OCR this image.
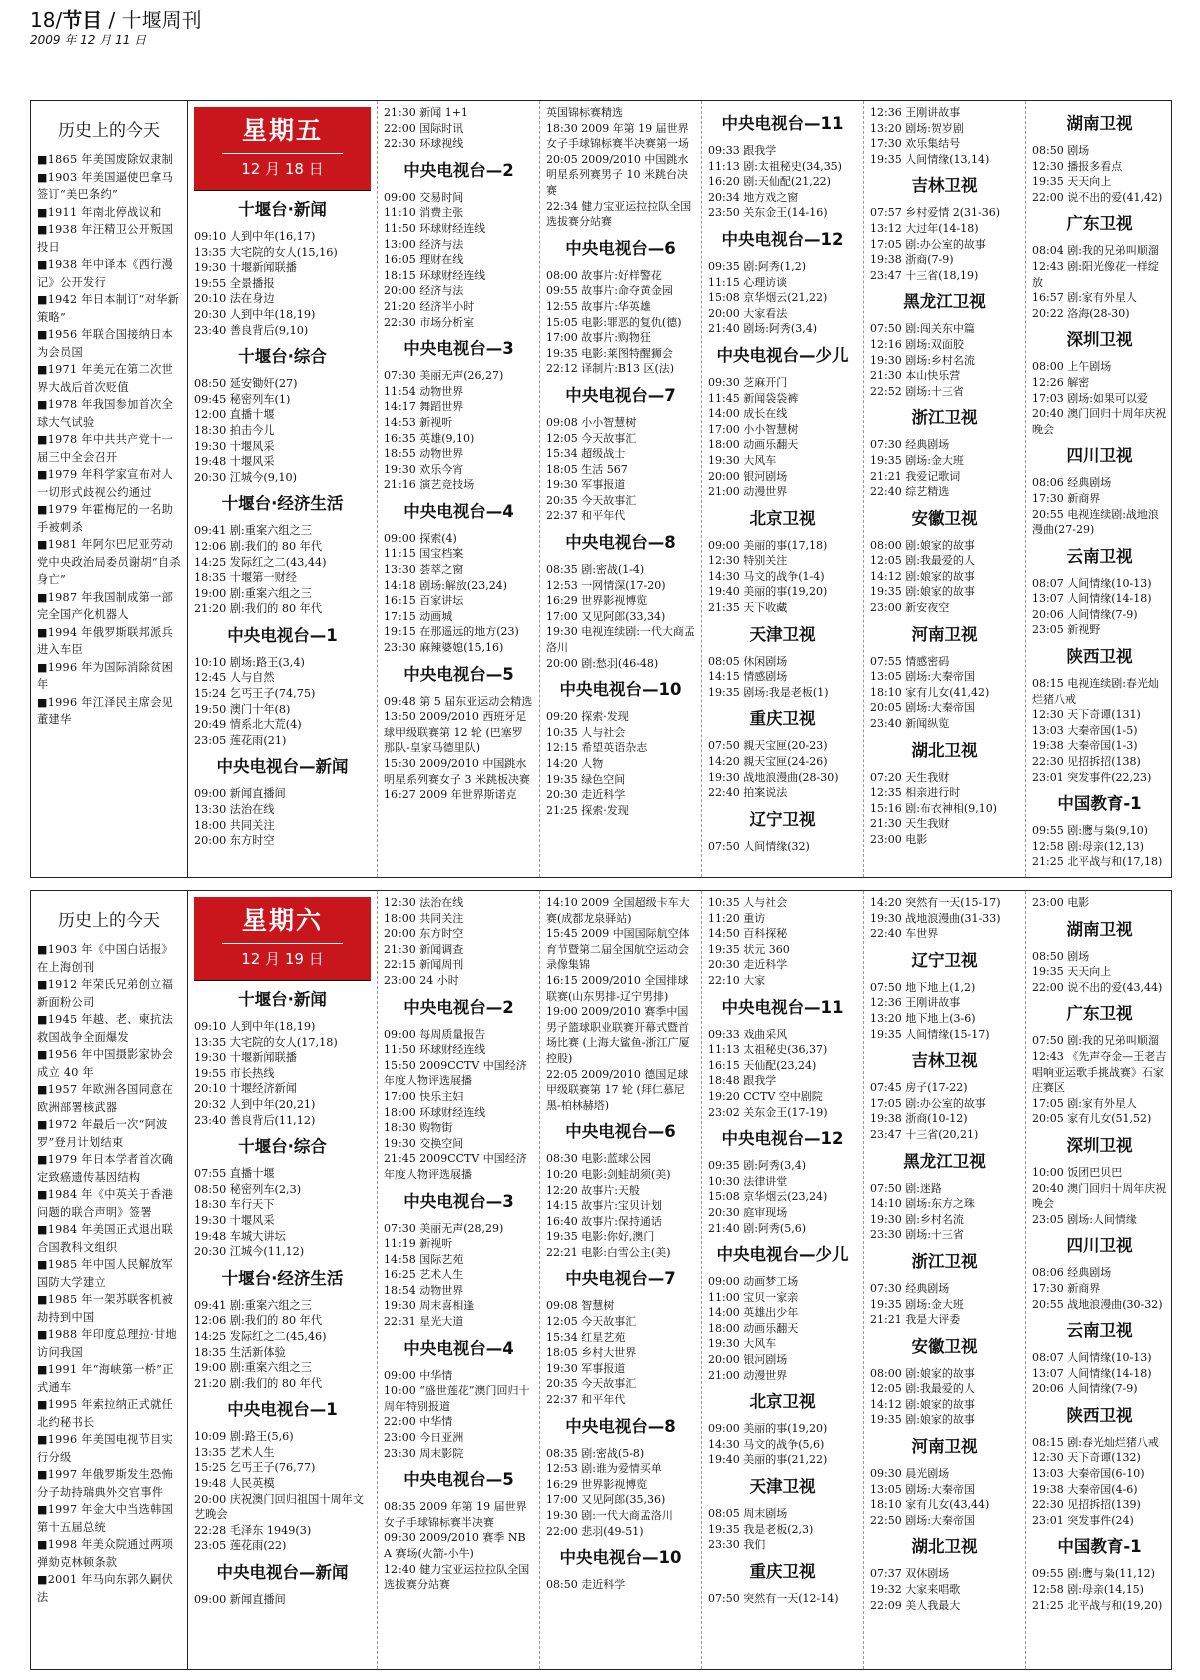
18/节目 / 十堰周刊
2009 年 12 月 11 日
历史上的今天
■1865 年美国废除奴隶制
■1903 年美国逼使巴拿马签订“美巴条约”
■1911 年南北停战议和
■1938 年汪精卫公开叛国投日
■1938 年中译本《西行漫记》公开发行
■1942 年日本制订“对华新策略”
■1956 年联合国接纳日本为会员国
■1971 年美元在第二次世界大战后首次贬值
■1978 年我国参加首次全球大气试验
■1978 年中共共产党十一届三中全会召开
■1979 年科学家宣布对人一切形式歧视公约通过
■1979 年霍梅尼的一名助手被刺杀
■1981 年阿尔巴尼亚劳动党中央政治局委员谢胡“自杀身亡”
■1987 年我国制成第一部完全国产化机器人
■1994 年俄罗斯联邦派兵进入车臣
■1996 年为国际消除贫困年
■1996 年江泽民主席会见董建华
星期五
12 月 18 日
十堰台·新闻
09:10 人到中年(16,17)
13:35 大宅院的女人(15,16)
19:30 十堰新闻联播
19:55 全景播报
20:10 法在身边
20:30 人到中年(18,19)
23:40 善良背后(9,10)
十堰台·综合
08:50 延安锄奸(27)
09:45 秘密列车(1)
12:00 直播十堰
18:30 拍击今儿
19:30 十堰风采
19:48 十堰风采
20:30 江城今(9,10)
十堰台·经济生活
09:41 剧:重案六组之三
12:06 剧:我们的 80 年代
14:25 发际红之二(43,44)
18:35 十堰第一财经
19:00 剧:重案六组之三
21:20 剧:我们的 80 年代
中央电视台—1
10:10 剧场:路王(3,4)
12:45 人与自然
15:24 乞丐王子(74,75)
19:50 澳门十年(8)
20:49 情系北大荒(4)
23:05 莲花雨(21)
中央电视台—新闻
09:00 新闻直播间
13:30 法治在线
18:00 共同关注
20:00 东方时空
21:30 新闻 1+1
22:00 国际时讯
22:30 环球视线
中央电视台—2
09:00 交易时间
11:10 消费主张
11:50 环球财经连线
13:00 经济与法
16:05 理财在线
18:15 环球财经连线
20:00 经济与法
21:20 经济半小时
22:30 市场分析室
中央电视台—3
07:30 美丽无声(26,27)
11:54 动物世界
14:17 舞蹈世界
14:53 新视听
16:35 英雄(9,10)
18:55 动物世界
19:30 欢乐今宵
21:16 演艺竞技场
中央电视台—4
09:00 探索(4)
11:15 国宝档案
13:30 荟萃之窗
14:18 剧场:解放(23,24)
16:15 百家讲坛
17:15 动画城
19:15 在那遥远的地方(23)
23:30 麻辣婆媳(15,16)
中央电视台—5
09:48 第 5 届东亚运动会精选
13:50 2009/2010 西班牙足球甲级联赛第 12 轮 (巴塞罗那队-皇家马德里队)
15:30 2009/2010 中国跳水明星系列赛女子 3 米跳板决赛
16:27 2009 年世界斯诺克
英国锦标赛精选
18:30 2009 年第 19 届世界女子手球锦标赛半决赛第一场
20:05 2009/2010 中国跳水明星系列赛男子 10 米跳台决赛
22:34 健力宝亚运拉拉队全国选拔赛分站赛
中央电视台—6
08:00 故事片:好样警花
09:55 故事片:命夺黄金园
12:55 故事片:华英雄
15:05 电影:罪恶的复仇(德)
17:00 故事片:购物狂
19:35 电影:莱图特醒狮会
22:12 译制片:B13 区(法)
中央电视台—7
09:08 小小智慧树
12:05 今天故事汇
15:34 超级战士
18:05 生活 567
19:30 军事报道
20:35 今天故事汇
22:37 和平年代
中央电视台—8
08:35 剧:密战(1-4)
12:53 一网情深(17-20)
16:29 世界影视博览
17:00 又见阿郎(33,34)
19:30 电视连续剧:一代大商孟洛川
20:00 剧:愁羽(46-48)
中央电视台—10
09:20 探索·发现
10:35 人与社会
12:15 希望英语杂志
14:20 人物
19:35 绿色空间
20:30 走近科学
21:25 探索·发现
中央电视台—11
09:33 跟我学
11:13 剧:太祖秘史(34,35)
16:20 剧:天仙配(21,22)
20:34 地方戏之窗
23:50 关东金王(14-16)
中央电视台—12
09:35 剧:阿秀(1,2)
11:15 心理访谈
15:08 京华烟云(21,22)
20:00 大家看法
21:40 剧场:阿秀(3,4)
中央电视台—少儿
09:30 芝麻开门
11:45 新闻袋袋裤
14:00 成长在线
17:00 小小智慧树
18:00 动画乐翻天
19:30 大风车
20:00 银河剧场
21:00 动漫世界
北京卫视
09:00 美丽的事(17,18)
12:30 特别关注
14:30 马文的战争(1-4)
19:40 美丽的事(19,20)
21:35 天下收藏
天津卫视
08:05 休闲剧场
14:15 情感剧场
19:35 剧场:我是老板(1)
重庆卫视
07:50 親天宝匣(20-23)
14:20 親天宝匣(24-26)
19:30 战地浪漫曲(28-30)
22:40 拍案说法
辽宁卫视
07:50 人间情缘(32)
12:36 王刚讲故事
13:20 剧场:贺岁剧
17:30 欢乐集结号
19:35 人间情缘(13,14)
吉林卫视
07:57 乡村爱情 2(31-36)
13:12 大过年(14-18)
17:05 剧:办公室的故事
19:38 浙商(7-9)
23:47 十三省(18,19)
黑龙江卫视
07:50 剧:闯关东中篇
12:16 剧场:双面胶
19:30 剧场:乡村名流
21:30 本山快乐营
22:52 剧场:十三省
浙江卫视
07:30 经典剧场
19:35 剧场:金大班
21:21 我爱记歌词
22:40 综艺精选
安徽卫视
08:00 剧:娘家的故事
12:05 剧:我最爱的人
14:12 剧:娘家的故事
19:35 剧:娘家的故事
23:00 新安夜空
河南卫视
07:55 情感密码
13:05 剧场:大秦帝国
18:10 家有儿女(41,42)
20:05 剧场:大秦帝国
23:40 新闻纵览
湖北卫视
07:20 天生我财
12:35 相亲进行时
15:16 剧:布衣神相(9,10)
21:30 天生我财
23:00 电影
湖南卫视
08:50 剧场
12:30 播报多看点
19:35 天天向上
22:00 说不出的爱(41,42)
广东卫视
08:04 剧:我的兄弟叫顺溜
12:43 剧:阳光像花一样绽放
16:57 剧:家有外星人
20:22 洛海(28-30)
深圳卫视
08:00 上午剧场
12:26 解密
17:03 剧场:如果可以爱
20:40 澳门回归十周年庆祝晚会
四川卫视
08:06 经典剧场
17:30 新商界
20:55 电视连续剧:战地浪漫曲(27-29)
云南卫视
08:07 人间情缘(10-13)
13:07 人间情缘(14-18)
20:06 人间情缘(7-9)
23:05 新视野
陕西卫视
08:15 电视连续剧:春光灿烂猪八戒
12:30 天下奇谭(131)
13:03 大秦帝国(1-5)
19:38 大秦帝国(1-3)
22:30 见招拆招(138)
23:01 突发事件(22,23)
中国教育-1
09:55 剧:鹰与枭(9,10)
12:58 剧:母亲(12,13)
21:25 北平战与和(17,18)
历史上的今天
■1903 年《中国白话报》在上海创刊
■1912 年荣氏兄弟创立福新面粉公司
■1945 年越、老、柬抗法救国战争全面爆发
■1956 年中国摄影家协会成立 40 年
■1957 年欧洲各国同意在欧洲部署核武器
■1972 年最后一次“阿波罗”登月计划结束
■1979 年日本学者首次确定致癌遗传基因结构
■1984 年《中英关于香港问题的联合声明》签署
■1984 年美国正式退出联合国教科文组织
■1985 年中国人民解放军国防大学建立
■1985 年一架苏联客机被劫持到中国
■1988 年印度总理拉·甘地访问我国
■1991 年“海峡第一桥”正式通车
■1995 年索拉纳正式就任北约秘书长
■1996 年美国电视节目实行分级
■1997 年俄罗斯发生恐怖分子劫持瑞典外交官事件
■1997 年金大中当选韩国第十五届总统
■1998 年美众院通过两项弹劾克林顿条款
■2001 年马向东郭久嗣伏法
星期六
12 月 19 日
十堰台·新闻
09:10 人到中年(18,19)
13:35 大宅院的女人(17,18)
19:30 十堰新闻联播
19:55 市长热线
20:10 十堰经济新闻
20:32 人到中年(20,21)
23:40 善良背后(11,12)
十堰台·综合
07:55 直播十堰
08:50 秘密列车(2,3)
18:30 车行天下
19:30 十堰风采
19:48 车城大讲坛
20:30 江城今(11,12)
十堰台·经济生活
09:41 剧:重案六组之三
12:06 剧:我们的 80 年代
14:25 发际红之二(45,46)
18:35 生活新体验
19:00 剧:重案六组之三
21:20 剧:我们的 80 年代
中央电视台—1
10:09 剧:路王(5,6)
13:35 艺术人生
15:25 乞丐王子(76,77)
19:48 人民英模
20:00 庆祝澳门回归祖国十周年文艺晚会
22:28 毛泽东 1949(3)
23:05 莲花雨(22)
中央电视台—新闻
09:00 新闻直播间
12:30 法治在线
18:00 共同关注
20:00 东方时空
21:30 新闻调查
22:15 新闻周刊
23:00 24 小时
中央电视台—2
09:00 每周质量报告
11:50 环球财经连线
15:50 2009CCTV 中国经济年度人物评选展播
17:00 快乐主妇
18:00 环球财经连线
18:30 购物街
19:30 交换空间
21:45 2009CCTV 中国经济年度人物评选展播
中央电视台—3
07:30 美丽无声(28,29)
11:19 新视听
14:58 国际艺苑
16:25 艺术人生
18:54 动物世界
19:30 周末喜相逢
22:31 星光大道
中央电视台—4
09:00 中华情
10:00 “盛世莲花”澳门回归十周年特别报道
22:00 中华情
23:00 今日亚洲
23:30 周末影院
中央电视台—5
08:35 2009 年第 19 届世界女子手球锦标赛半决赛
09:30 2009/2010 赛季 NBA 赛场(火箭-小牛)
12:40 健力宝亚运拉拉队全国选拔赛分站赛
14:10 2009 全国超级卡车大赛(成都龙泉驿站)
15:45 2009 中国国际航空体育节暨第二届全国航空运动会录像集锦
16:15 2009/2010 全国排球联赛(山东男排-辽宁男排)
19:00 2009/2010 赛季中国男子篮球职业联赛开幕式暨首场比赛 (上海大鲨鱼-浙江广厦控股)
22:05 2009/2010 德国足球甲级联赛第 17 轮 (拜仁慕尼黑-柏林赫塔)
中央电视台—6
08:30 电影:蓝球公园
10:20 电影:剑蛙胡须(美)
12:20 故事片:天般
14:15 故事片:宝贝计划
16:40 故事片:保持通话
19:35 电影:你好,澳门
22:21 电影:白雪公主(美)
中央电视台—7
09:08 智慧树
12:05 今天故事汇
15:34 红星艺苑
18:05 乡村大世界
19:30 军事报道
20:35 今天故事汇
22:37 和平年代
中央电视台—8
08:35 剧:密战(5-8)
12:53 剧:谁为爱情买单
16:29 世界影视博览
17:00 又见阿郎(35,36)
19:30 剧:一代大商孟洛川
22:00 悲羽(49-51)
中央电视台—10
08:50 走近科学
10:35 人与社会
11:20 重访
14:50 百科探秘
19:35 状元 360
20:30 走近科学
22:10 大家
中央电视台—11
09:33 戏曲采风
11:13 太祖秘史(36,37)
16:15 天仙配(23,24)
18:48 跟我学
19:20 CCTV 空中剧院
23:02 关东金王(17-19)
中央电视台—12
09:35 剧:阿秀(3,4)
10:30 法律讲堂
15:08 京华烟云(23,24)
20:30 庭审现场
21:40 剧:阿秀(5,6)
中央电视台—少儿
09:00 动画梦工场
11:00 宝贝一家亲
14:00 英雄出少年
18:00 动画乐翻天
19:30 大风车
20:00 银河剧场
21:00 动漫世界
北京卫视
09:00 美丽的事(19,20)
14:30 马文的战争(5,6)
19:40 美丽的事(21,22)
天津卫视
08:05 周末剧场
19:35 我是老板(2,3)
23:30 我们
重庆卫视
07:50 突然有一天(12-14)
14:20 突然有一天(15-17)
19:30 战地浪漫曲(31-33)
22:40 车世界
辽宁卫视
07:50 地下地上(1,2)
12:36 王刚讲故事
13:20 地下地上(3-6)
19:35 人间情缘(15-17)
吉林卫视
07:45 房子(17-22)
17:05 剧:办公室的故事
19:38 浙商(10-12)
23:47 十三省(20,21)
黑龙江卫视
07:50 剧:迷路
14:10 剧场:东方之珠
19:30 剧:乡村名流
23:30 剧场:十三省
浙江卫视
07:30 经典剧场
19:35 剧场:金大班
21:21 我是大评委
安徽卫视
08:00 剧:娘家的故事
12:05 剧:我最爱的人
14:12 剧:娘家的故事
19:35 剧:娘家的故事
河南卫视
09:30 晨光剧场
13:05 剧场:大秦帝国
18:10 家有儿女(43,44)
22:50 剧场:大秦帝国
湖北卫视
07:37 双休剧场
19:32 大家来唱歌
22:09 美人我最大
23:00 电影
湖南卫视
08:50 剧场
19:35 天天向上
22:00 说不出的爱(43,44)
广东卫视
07:50 剧:我的兄弟叫顺溜
12:43 《先声夺金—王老吉唱响亚运歌手挑战赛》石家庄赛区
17:05 剧:家有外星人
20:05 家有儿女(51,52)
深圳卫视
10:00 饭团巴贝巴
20:40 澳门回归十周年庆祝晚会
23:05 剧场:人间情缘
四川卫视
08:06 经典剧场
17:30 新商界
20:55 战地浪漫曲(30-32)
云南卫视
08:07 人间情缘(10-13)
13:07 人间情缘(14-18)
20:06 人间情缘(7-9)
陕西卫视
08:15 剧:春光灿烂猪八戒
12:30 天下奇谭(132)
13:03 大秦帝国(6-10)
19:38 大秦帝国(4-6)
22:30 见招拆招(139)
23:01 突发事件(24)
中国教育-1
09:55 剧:鹰与枭(11,12)
12:58 剧:母亲(14,15)
21:25 北平战与和(19,20)
